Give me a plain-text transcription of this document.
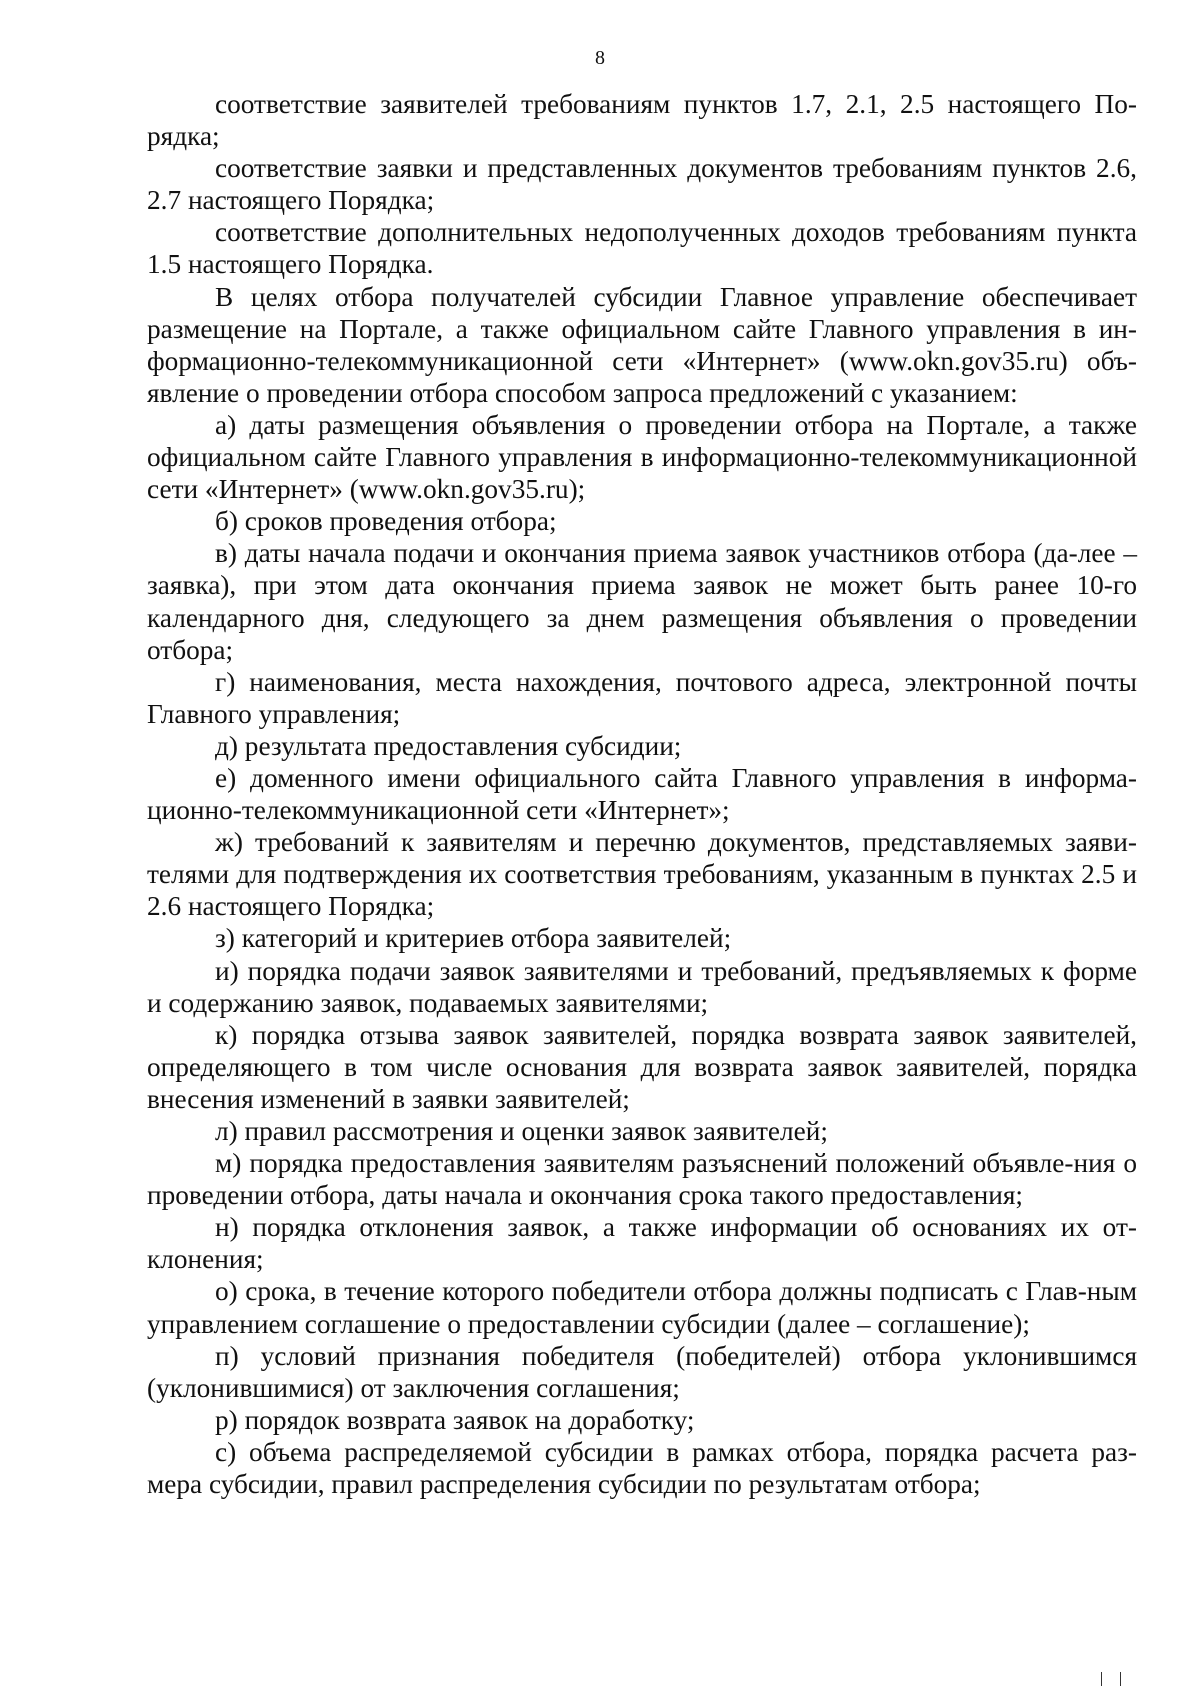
8

соответствие заявителей требованиям пунктов 1.7, 2.1, 2.5 настоящего По-рядка;

соответствие заявки и представленных документов требованиям пунктов 2.6, 2.7 настоящего Порядка;

соответствие дополнительных недополученных доходов требованиям пункта 1.5 настоящего Порядка.

В целях отбора получателей субсидии Главное управление обеспечивает размещение на Портале, а также официальном сайте Главного управления в ин-формационно-телекоммуникационной сети «Интернет» (www.okn.gov35.ru) объ-явление о проведении отбора способом запроса предложений с указанием:

а) даты размещения объявления о проведении отбора на Портале, а также официальном сайте Главного управления в информационно-телекоммуникационной сети «Интернет» (www.okn.gov35.ru);

б) сроков проведения отбора;

в) даты начала подачи и окончания приема заявок участников отбора (да-лее – заявка), при этом дата окончания приема заявок не может быть ранее 10-го календарного дня, следующего за днем размещения объявления о проведении отбора;

г) наименования, места нахождения, почтового адреса, электронной почты Главного управления;

д) результата предоставления субсидии;

е) доменного имени официального сайта Главного управления в информа-ционно-телекоммуникационной сети «Интернет»;

ж) требований к заявителям и перечню документов, представляемых заяви-телями для подтверждения их соответствия требованиям, указанным в пунктах 2.5 и 2.6 настоящего Порядка;

з) категорий и критериев отбора заявителей;

и) порядка подачи заявок заявителями и требований, предъявляемых к форме и содержанию заявок, подаваемых заявителями;

к) порядка отзыва заявок заявителей, порядка возврата заявок заявителей, определяющего в том числе основания для возврата заявок заявителей, порядка внесения изменений в заявки заявителей;

л) правил рассмотрения и оценки заявок заявителей;

м) порядка предоставления заявителям разъяснений положений объявле-ния о проведении отбора, даты начала и окончания срока такого предоставления;

н) порядка отклонения заявок, а также информации об основаниях их от-клонения;

о) срока, в течение которого победители отбора должны подписать с Глав-ным управлением соглашение о предоставлении субсидии (далее – соглашение);

п) условий признания победителя (победителей) отбора уклонившимся (уклонившимися) от заключения соглашения;

р) порядок возврата заявок на доработку;

с) объема распределяемой субсидии в рамках отбора, порядка расчета раз-мера субсидии, правил распределения субсидии по результатам отбора;
